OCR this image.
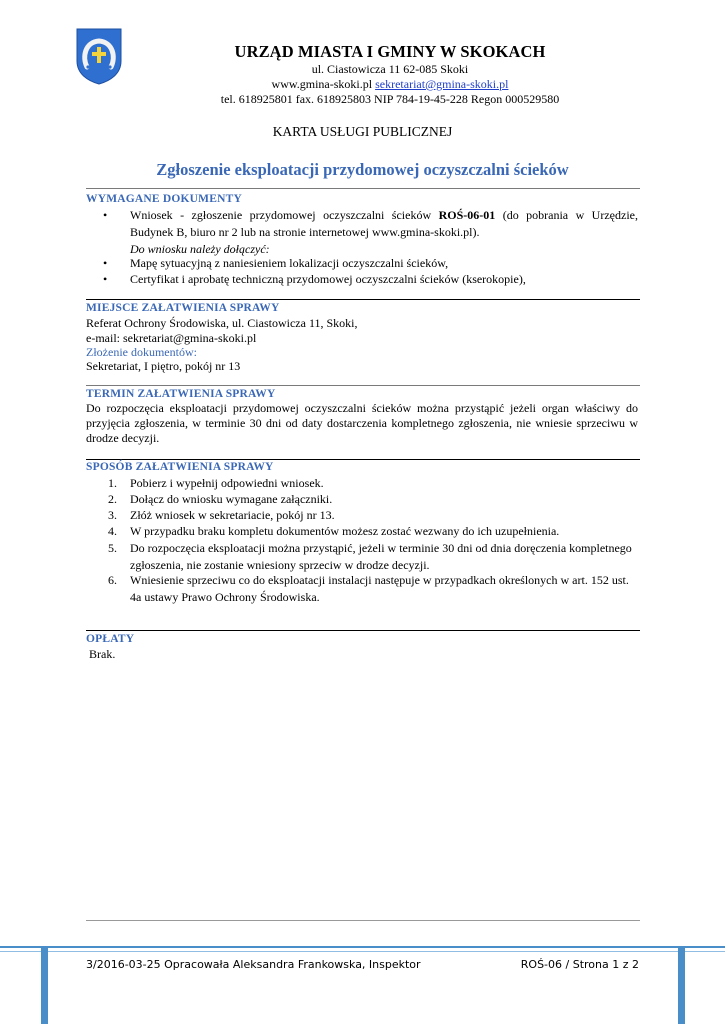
URZĄD MIASTA I GMINY W SKOKACH
ul. Ciastowicza 11 62-085 Skoki
www.gmina-skoki.pl sekretariat@gmina-skoki.pl
tel. 618925801 fax. 618925803 NIP 784-19-45-228 Regon 000529580
KARTA USŁUGI PUBLICZNEJ
Zgłoszenie eksploatacji przydomowej oczyszczalni ścieków
WYMAGANE DOKUMENTY
• Wniosek - zgłoszenie przydomowej oczyszczalni ścieków ROŚ-06-01 (do pobrania w Urzędzie, Budynek B, biuro nr 2 lub na stronie internetowej www.gmina-skoki.pl).
Do wniosku należy dołączyć:
• Mapę sytuacyjną z naniesieniem lokalizacji oczyszczalni ścieków,
• Certyfikat i aprobatę techniczną przydomowej oczyszczalni ścieków (kserokopie),
MIEJSCE ZAŁATWIENIA SPRAWY
Referat Ochrony Środowiska, ul. Ciastowicza 11, Skoki,
e-mail: sekretariat@gmina-skoki.pl
Złożenie dokumentów:
Sekretariat, I piętro, pokój nr 13
TERMIN ZAŁATWIENIA SPRAWY
Do rozpoczęcia eksploatacji przydomowej oczyszczalni ścieków można przystąpić jeżeli organ właściwy do przyjęcia zgłoszenia, w terminie 30 dni od daty dostarczenia kompletnego zgłoszenia, nie wniesie sprzeciwu w drodze decyzji.
SPOSÓB ZAŁATWIENIA SPRAWY
1. Pobierz i wypełnij odpowiedni wniosek.
2. Dołącz do wniosku wymagane załączniki.
3. Złóż wniosek w sekretariacie, pokój nr 13.
4. W przypadku braku kompletu dokumentów możesz zostać wezwany do ich uzupełnienia.
5. Do rozpoczęcia eksploatacji można przystąpić, jeżeli w terminie 30 dni od dnia doręczenia kompletnego zgłoszenia, nie zostanie wniesiony sprzeciw w drodze decyzji.
6. Wniesienie sprzeciwu co do eksploatacji instalacji następuje w przypadkach określonych w art. 152 ust. 4a ustawy Prawo Ochrony Środowiska.
OPŁATY
Brak.
3/2016-03-25 Opracowała Aleksandra Frankowska, Inspektor	ROŚ-06 / Strona 1 z 2
